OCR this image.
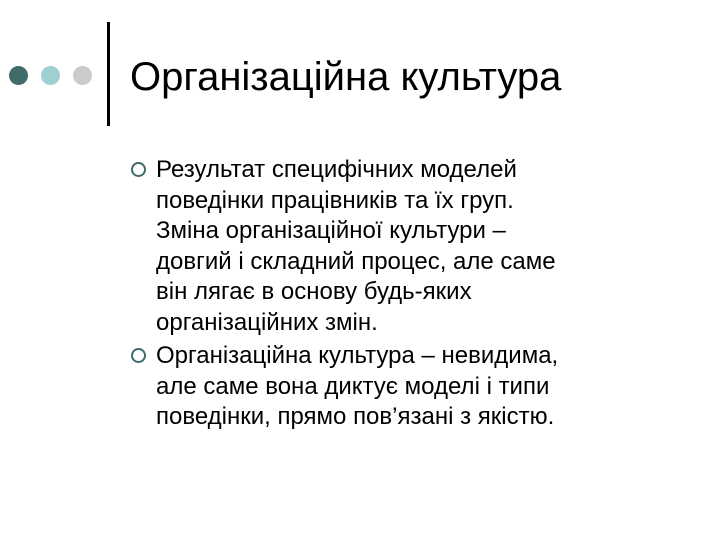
Організаційна культура
Результат специфічних моделей
поведінки працівників та їх груп.
Зміна організаційної культури –
довгий і складний процес, але саме
він лягає в основу будь-яких
організаційних змін.
Організаційна культура – невидима,
але саме вона диктує моделі і типи
поведінки, прямо пов’язані з якістю.
